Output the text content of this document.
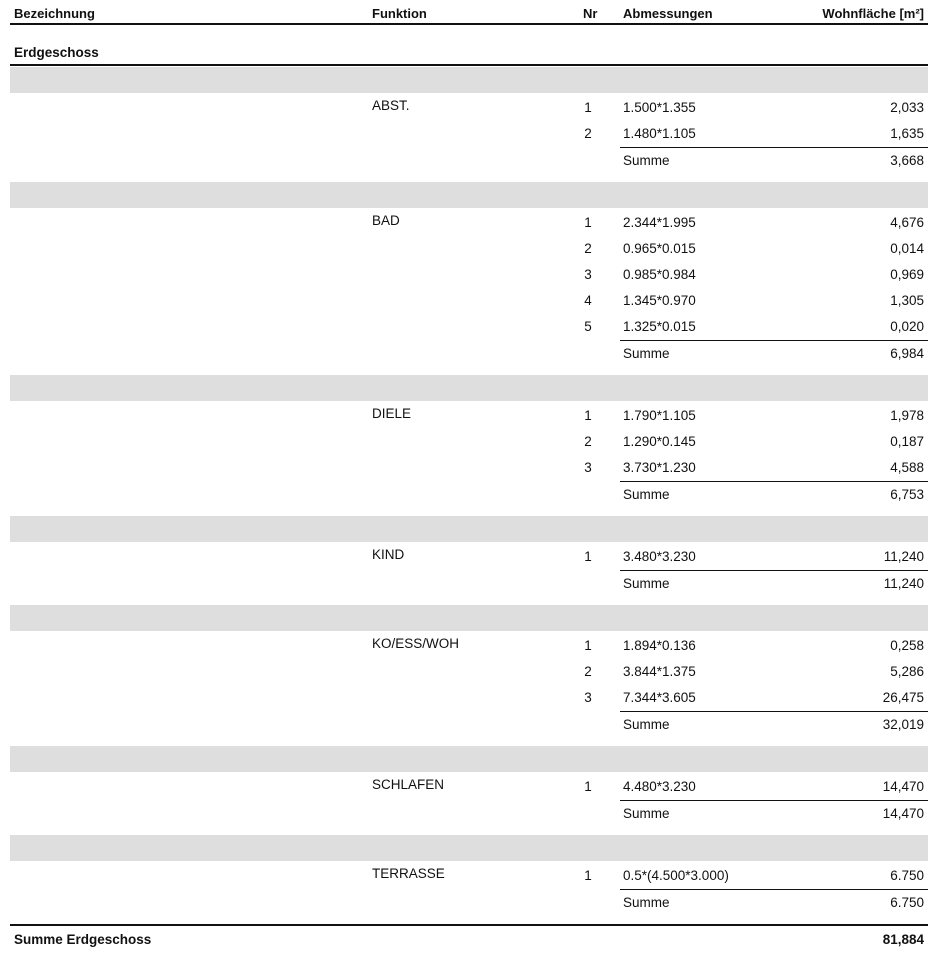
Bezeichnung	Funktion	Nr Abmessungen	Wohnfläche [m²]
Erdgeschoss
ABST.	1 1.500*1.355	2,033
2 1.480*1.105	1,635
Summe	3,668
BAD	1 2.344*1.995	4,676
2 0.965*0.015	0,014
3 0.985*0.984	0,969
4 1.345*0.970	1,305
5 1.325*0.015	0,020
Summe	6,984
DIELE	1 1.790*1.105	1,978
2 1.290*0.145	0,187
3 3.730*1.230	4,588
Summe	6,753
KIND	1 3.480*3.230	11,240
Summe	11,240
KO/ESS/WOH	1 1.894*0.136	0,258
2 3.844*1.375	5,286
3 7.344*3.605	26,475
Summe	32,019
SCHLAFEN	1 4.480*3.230	14,470
Summe	14,470
TERRASSE	1 0.5*(4.500*3.000)	6.750
Summe	6.750
Summe Erdgeschoss	81,884
